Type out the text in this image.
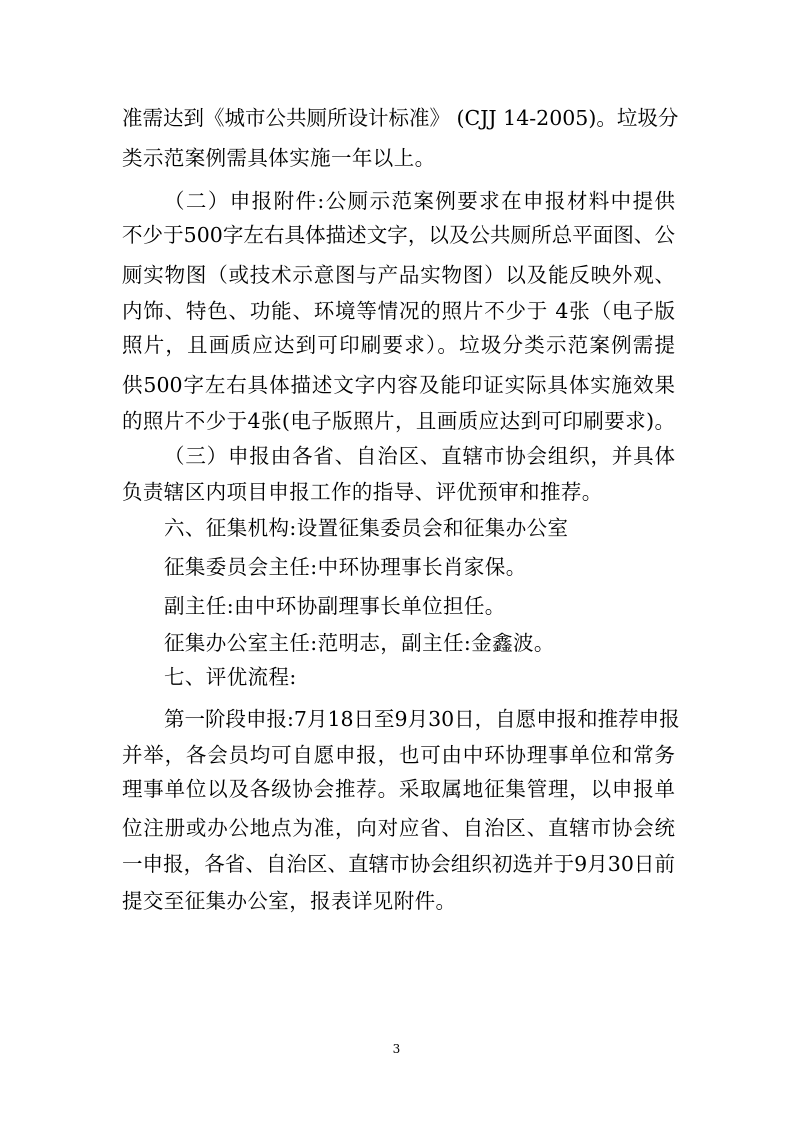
准需达到《城市公共厕所设计标准》 (CJJ 14-2005)。垃圾分
类示范案例需具体实施一年以上。
（二）申报附件:公厕示范案例要求在申报材料中提供
不少于500字左右具体描述文字，以及公共厕所总平面图、公
厕实物图（或技术示意图与产品实物图）以及能反映外观、
内饰、特色、功能、环境等情况的照片不少于 4张（电子版
照片，且画质应达到可印刷要求）。垃圾分类示范案例需提
供500字左右具体描述文字内容及能印证实际具体实施效果
的照片不少于4张(电子版照片，且画质应达到可印刷要求)。
（三）申报由各省、自治区、直辖市协会组织，并具体
负责辖区内项目申报工作的指导、评优预审和推荐。
六、征集机构:设置征集委员会和征集办公室
征集委员会主任:中环协理事长肖家保。
副主任:由中环协副理事长单位担任。
征集办公室主任:范明志，副主任:金鑫波。
七、评优流程:
第一阶段申报:7月18日至9月30日，自愿申报和推荐申报
并举，各会员均可自愿申报，也可由中环协理事单位和常务
理事单位以及各级协会推荐。采取属地征集管理，以申报单
位注册或办公地点为准，向对应省、自治区、直辖市协会统
一申报，各省、自治区、直辖市协会组织初选并于9月30日前
提交至征集办公室，报表详见附件。
3
